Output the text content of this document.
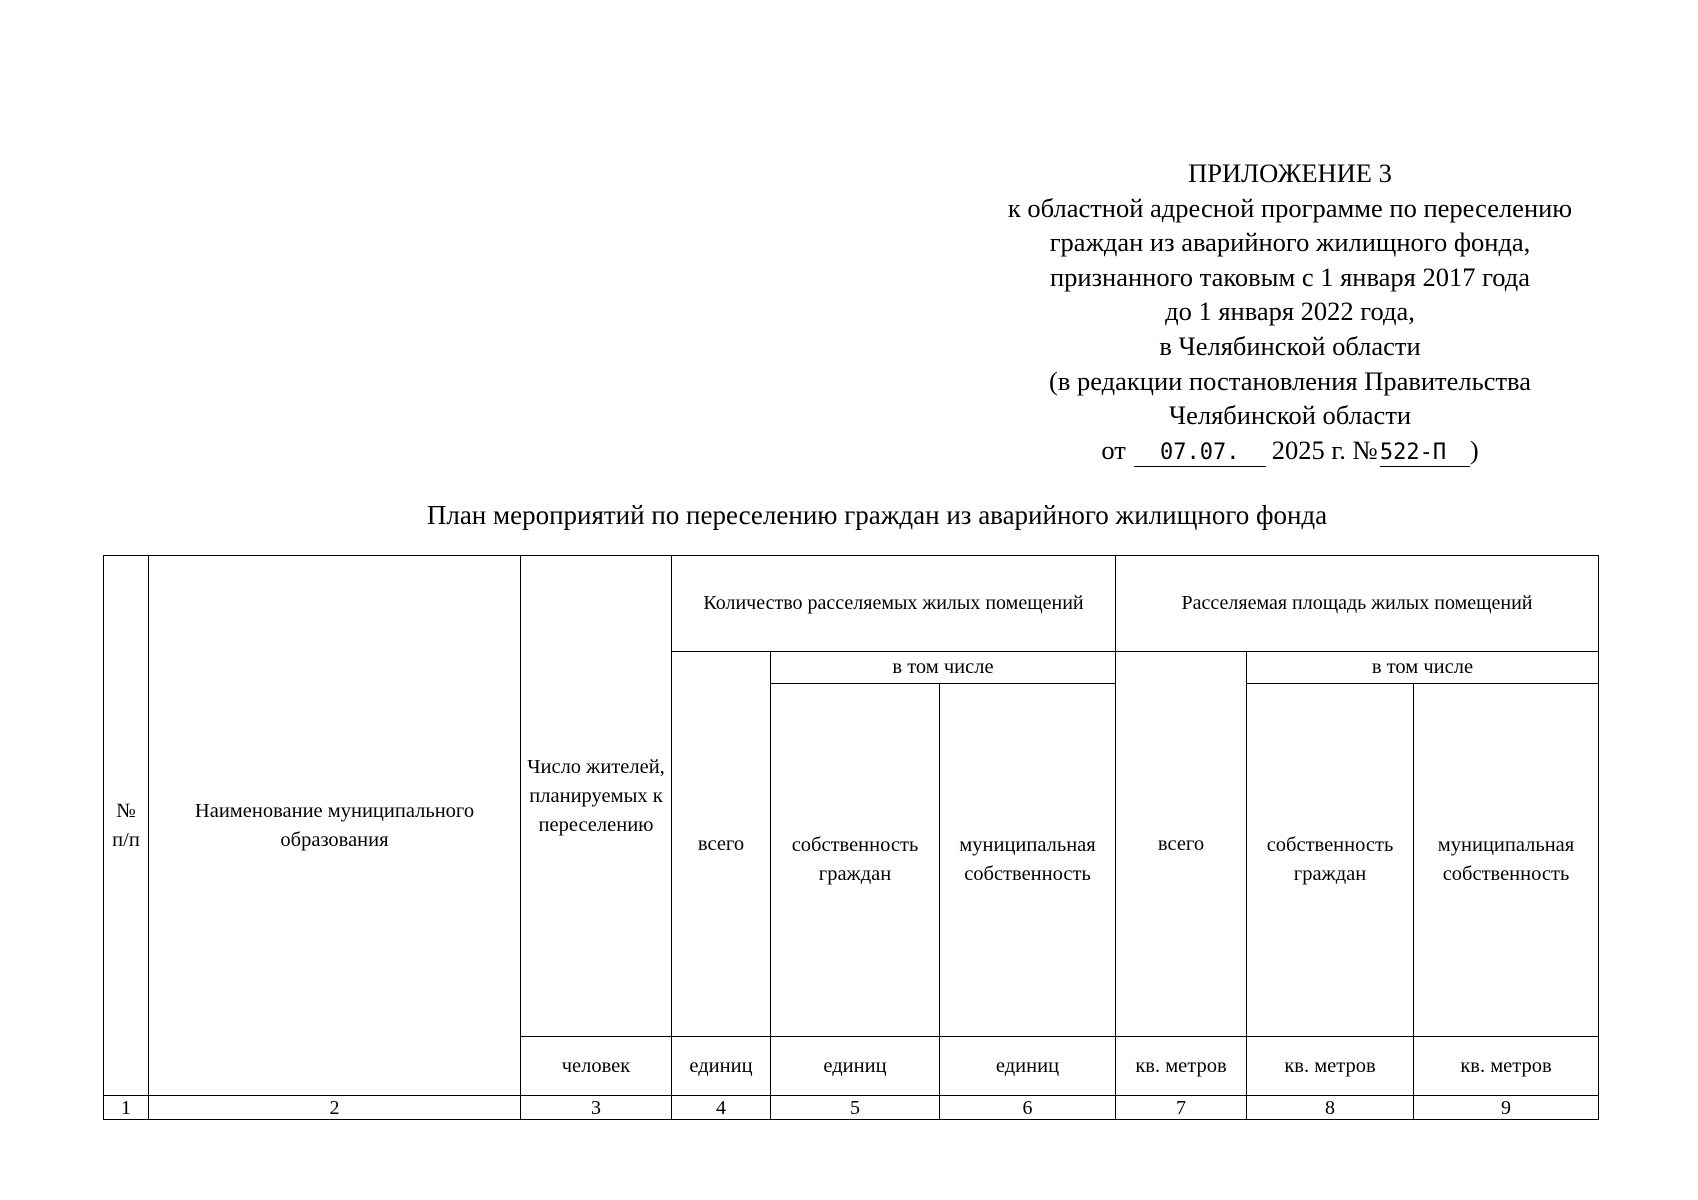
ПРИЛОЖЕНИЕ 3
к областной адресной программе по переселению
граждан из аварийного жилищного фонда,
признанного таковым с 1 января 2017 года
до 1 января 2022 года,
в Челябинской области
(в редакции постановления Правительства
Челябинской области
от 07.07. 2025 г. №522-П )
План мероприятий по переселению граждан из аварийного жилищного фонда
№ п/п	Наименование муниципального образования	Число жителей, планируемых к переселению	Количество расселяемых жилых помещений			Расселяемая площадь жилых помещений		
			всего	в том числе		всего	в том числе	
				собственность граждан	муниципальная собственность		собственность граждан	муниципальная собственность
		человек	единиц	единиц	единиц	кв. метров	кв. метров	кв. метров
1	2	3	4	5	6	7	8	9
